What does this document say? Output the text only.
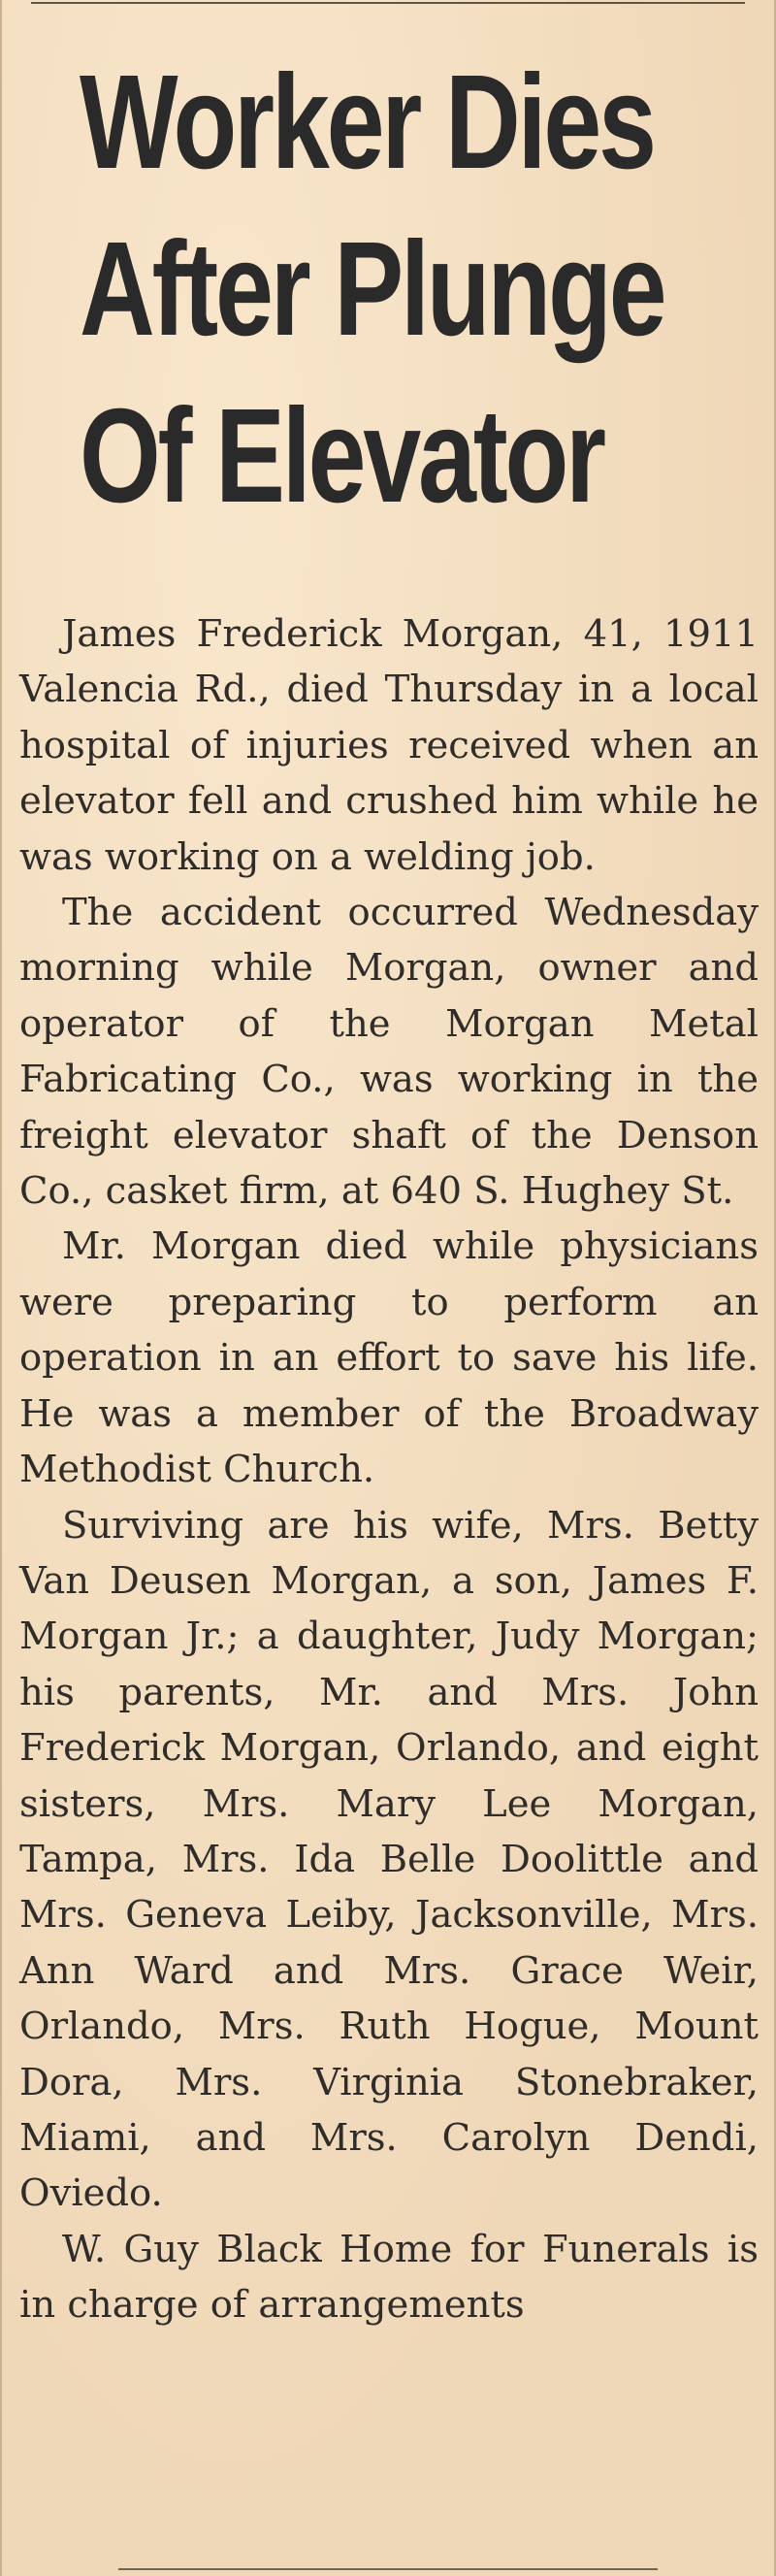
Worker Dies
After Plunge
Of Elevator

James Frederick Morgan, 41, 1911 Valencia Rd., died Thursday in a local hospital of injuries received when an elevator fell and crushed him while he was working on a welding job.

The accident occurred Wednesday morning while Morgan, owner and operator of the Morgan Metal Fabricating Co., was working in the freight elevator shaft of the Denson Co., casket firm, at 640 S. Hughey St.

Mr. Morgan died while physicians were preparing to perform an operation in an effort to save his life. He was a member of the Broadway Methodist Church.

Surviving are his wife, Mrs. Betty Van Deusen Morgan, a son, James F. Morgan Jr.; a daughter, Judy Morgan; his parents, Mr. and Mrs. John Frederick Morgan, Orlando, and eight sisters, Mrs. Mary Lee Morgan, Tampa, Mrs. Ida Belle Doolittle and Mrs. Geneva Leiby, Jacksonville, Mrs. Ann Ward and Mrs. Grace Weir, Orlando, Mrs. Ruth Hogue, Mount Dora, Mrs. Virginia Stonebraker, Miami, and Mrs. Carolyn Dendi, Oviedo.

W. Guy Black Home for Funerals is in charge of arrangements
